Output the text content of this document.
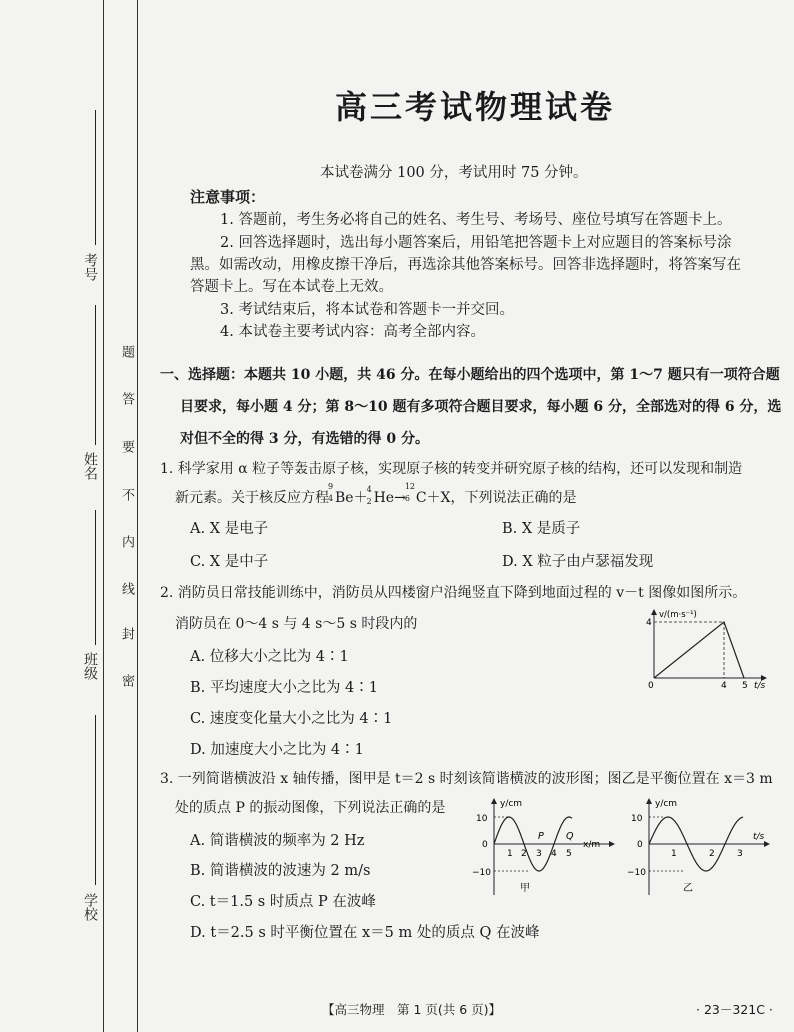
考号
姓名
班级
学校
题
答
要
不
内
线
封
密
高三考试物理试卷
本试卷满分 100 分，考试用时 75 分钟。
注意事项：
1. 答题前，考生务必将自己的姓名、考生号、考场号、座位号填写在答题卡上。
2. 回答选择题时，选出每小题答案后，用铅笔把答题卡上对应题目的答案标号涂
黑。如需改动，用橡皮擦干净后，再选涂其他答案标号。回答非选择题时，将答案写在
答题卡上。写在本试卷上无效。
3. 考试结束后，将本试卷和答题卡一并交回。
4. 本试卷主要考试内容：高考全部内容。
一、选择题：本题共 10 小题，共 46 分。在每小题给出的四个选项中，第 1～7 题只有一项符合题
目要求，每小题 4 分；第 8～10 题有多项符合题目要求，每小题 6 分，全部选对的得 6 分，选
对但不全的得 3 分，有选错的得 0 分。
1. 科学家用 α 粒子等轰击原子核，实现原子核的转变并研究原子核的结构，还可以发现和制造
新元素。关于核反应方程
9
4 Be＋
4
2 He→
12
6 C＋X，下列说法正确的是
A. X 是电子	B. X 是质子
C. X 是中子	D. X 粒子由卢瑟福发现
2. 消防员日常技能训练中，消防员从四楼窗户沿绳竖直下降到地面过程的 v－t 图像如图所示。
消防员在 0～4 s 与 4 s～5 s 时段内的
A. 位移大小之比为 4∶1
B. 平均速度大小之比为 4∶1
C. 速度变化量大小之比为 4∶1
D. 加速度大小之比为 4∶1
v/(m·s⁻¹)
4
0	4 5 t/s
3. 一列简谐横波沿 x 轴传播，图甲是 t＝2 s 时刻该简谐横波的波形图；图乙是平衡位置在 x＝3 m
处的质点 P 的振动图像，下列说法正确的是
A. 简谐横波的频率为 2 Hz
B. 简谐横波的波速为 2 m/s
C. t＝1.5 s 时质点 P 在波峰
D. t＝2.5 s 时平衡位置在 x＝5 m 处的质点 Q 在波峰
y/cm
10
−10
0
1 2 3 4 5
P Q
x/m
甲
y/cm
10
−10
0
1	2 3
t/s
乙
【高三物理　第 1 页(共 6 页)】	· 23－321C ·
